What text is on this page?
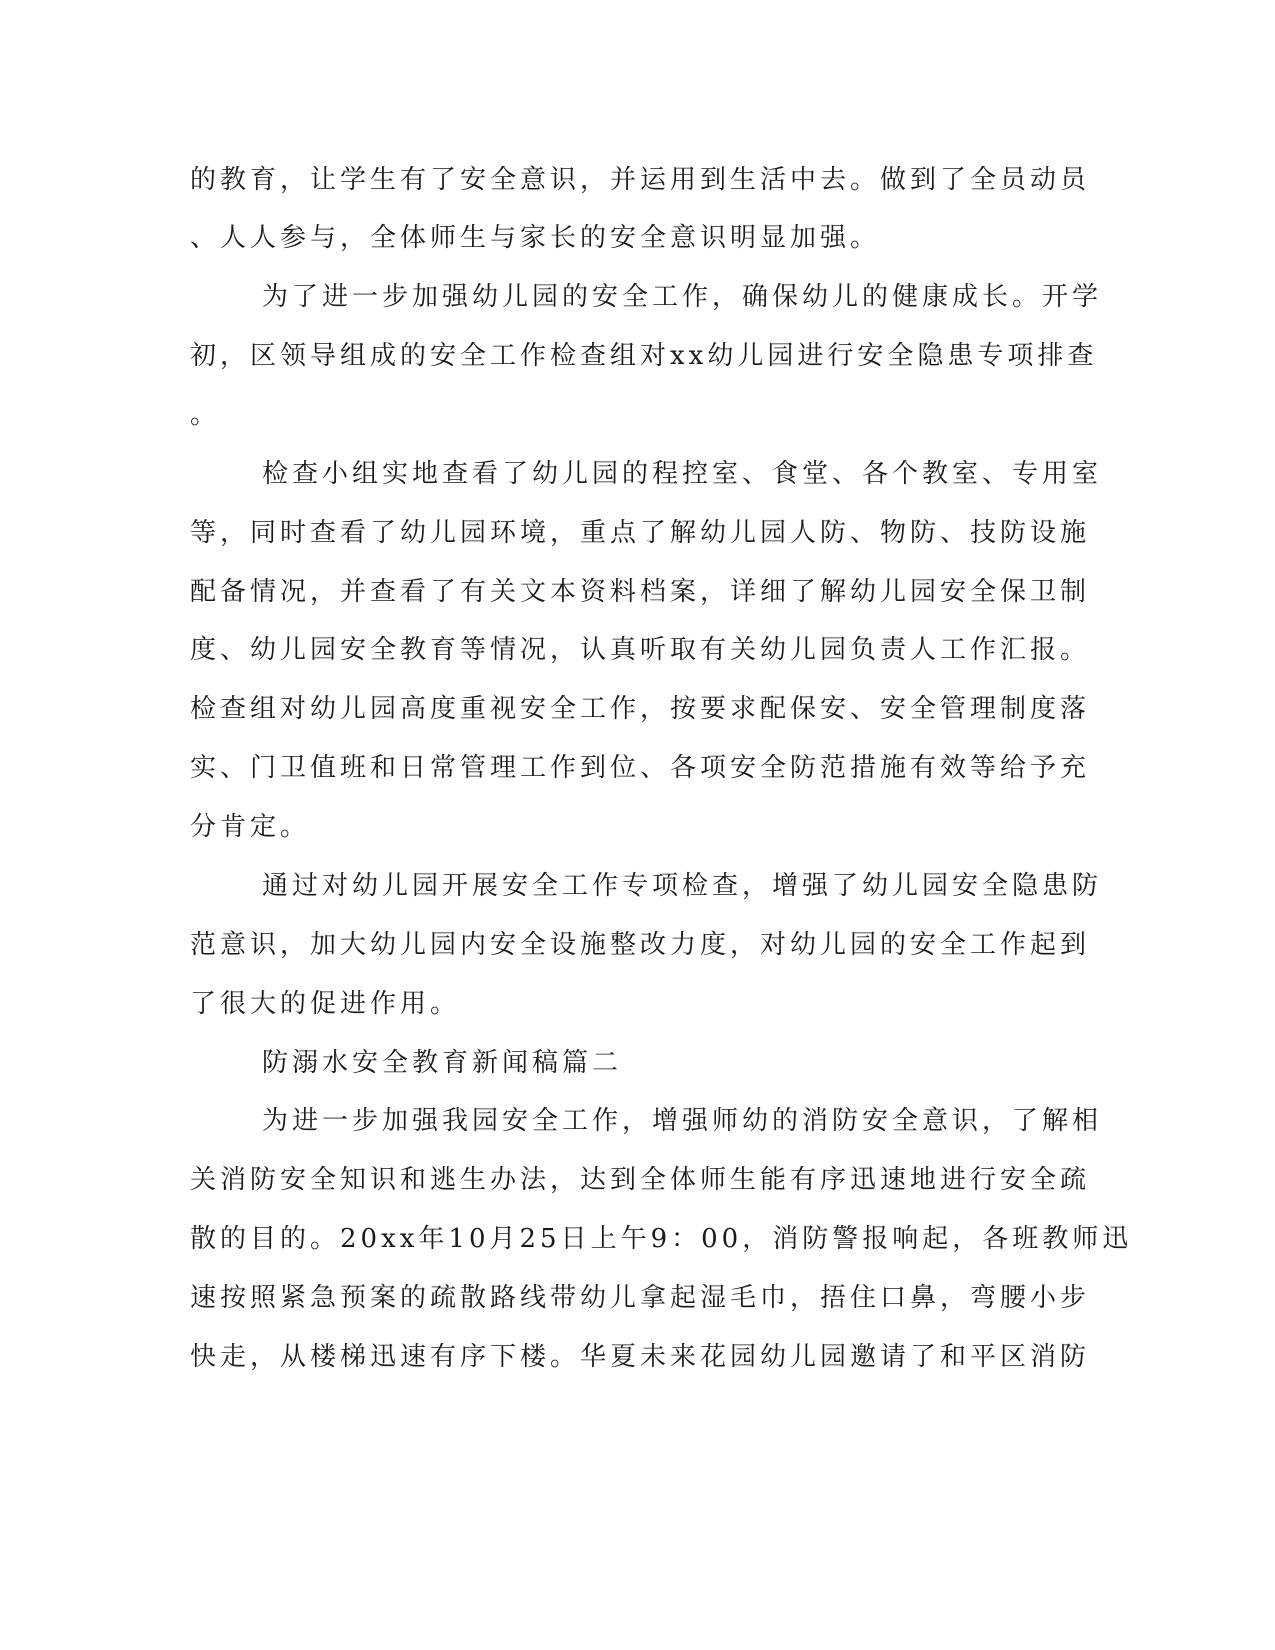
的教育，让学生有了安全意识，并运用到生活中去。做到了全员动员
、人人参与，全体师生与家长的安全意识明显加强。
为了进一步加强幼儿园的安全工作，确保幼儿的健康成长。开学
初，区领导组成的安全工作检查组对xx幼儿园进行安全隐患专项排查
。
检查小组实地查看了幼儿园的程控室、食堂、各个教室、专用室
等，同时查看了幼儿园环境，重点了解幼儿园人防、物防、技防设施
配备情况，并查看了有关文本资料档案，详细了解幼儿园安全保卫制
度、幼儿园安全教育等情况，认真听取有关幼儿园负责人工作汇报。
检查组对幼儿园高度重视安全工作，按要求配保安、安全管理制度落
实、门卫值班和日常管理工作到位、各项安全防范措施有效等给予充
分肯定。
通过对幼儿园开展安全工作专项检查，增强了幼儿园安全隐患防
范意识，加大幼儿园内安全设施整改力度，对幼儿园的安全工作起到
了很大的促进作用。
防溺水安全教育新闻稿篇二
为进一步加强我园安全工作，增强师幼的消防安全意识，了解相
关消防安全知识和逃生办法，达到全体师生能有序迅速地进行安全疏
散的目的。20xx年10月25日上午9：00，消防警报响起，各班教师迅
速按照紧急预案的疏散路线带幼儿拿起湿毛巾，捂住口鼻，弯腰小步
快走，从楼梯迅速有序下楼。华夏未来花园幼儿园邀请了和平区消防
